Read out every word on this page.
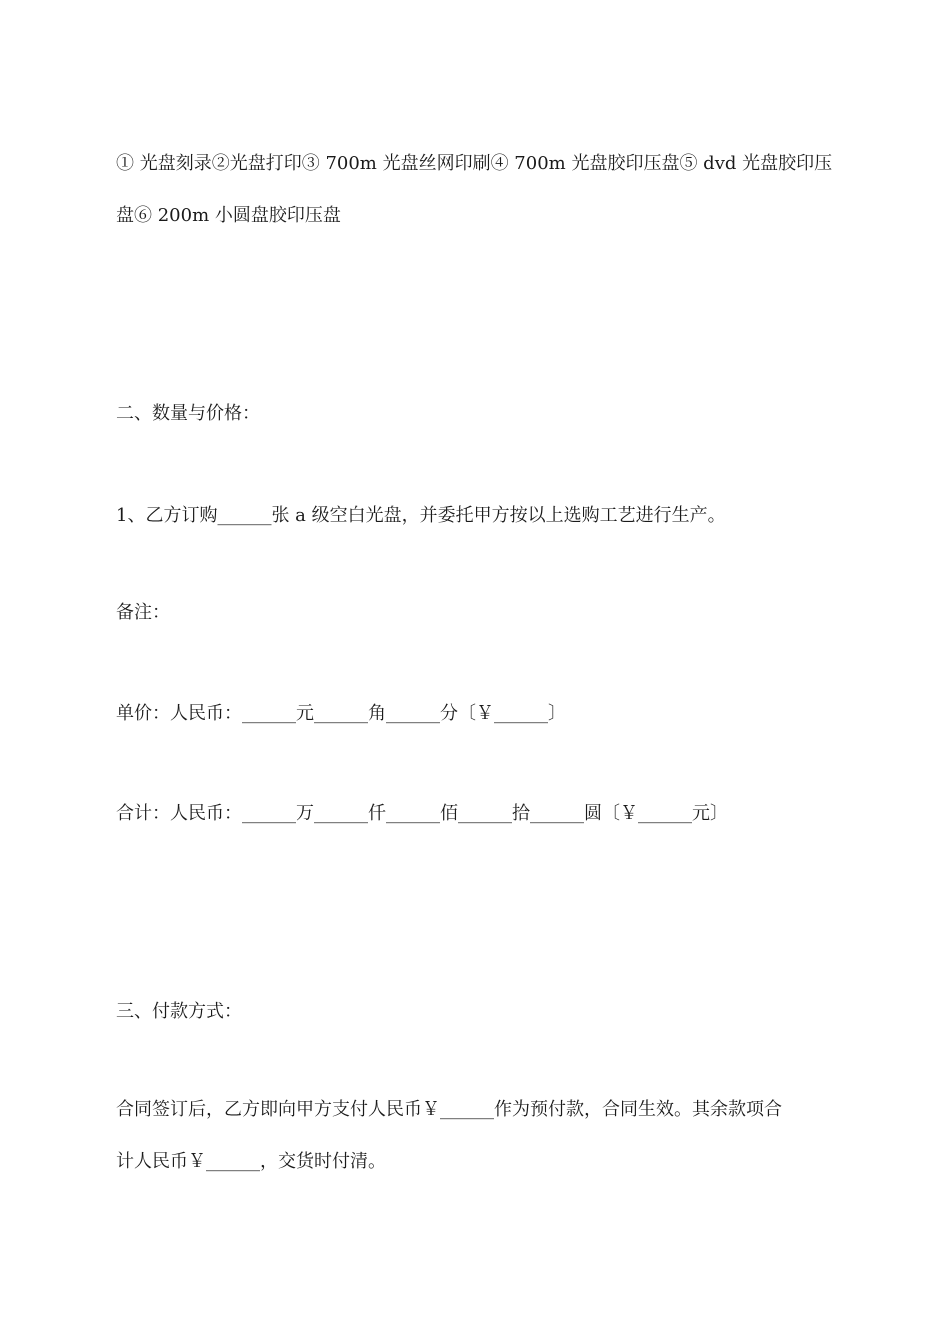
① 光盘刻录②光盘打印③ 700m 光盘丝网印刷④ 700m 光盘胶印压盘⑤ dvd 光盘胶印压
盘⑥ 200m 小圆盘胶印压盘
二、数量与价格：
1、乙方订购______张 a 级空白光盘，并委托甲方按以上选购工艺进行生产。
备注：
单价：人民币：______元______角______分〔￥______〕
合计：人民币：______万______仟______佰______拾______圆〔￥______元〕
三、付款方式：
合同签订后，乙方即向甲方支付人民币￥______作为预付款，合同生效。其余款项合
计人民币￥______，交货时付清。
